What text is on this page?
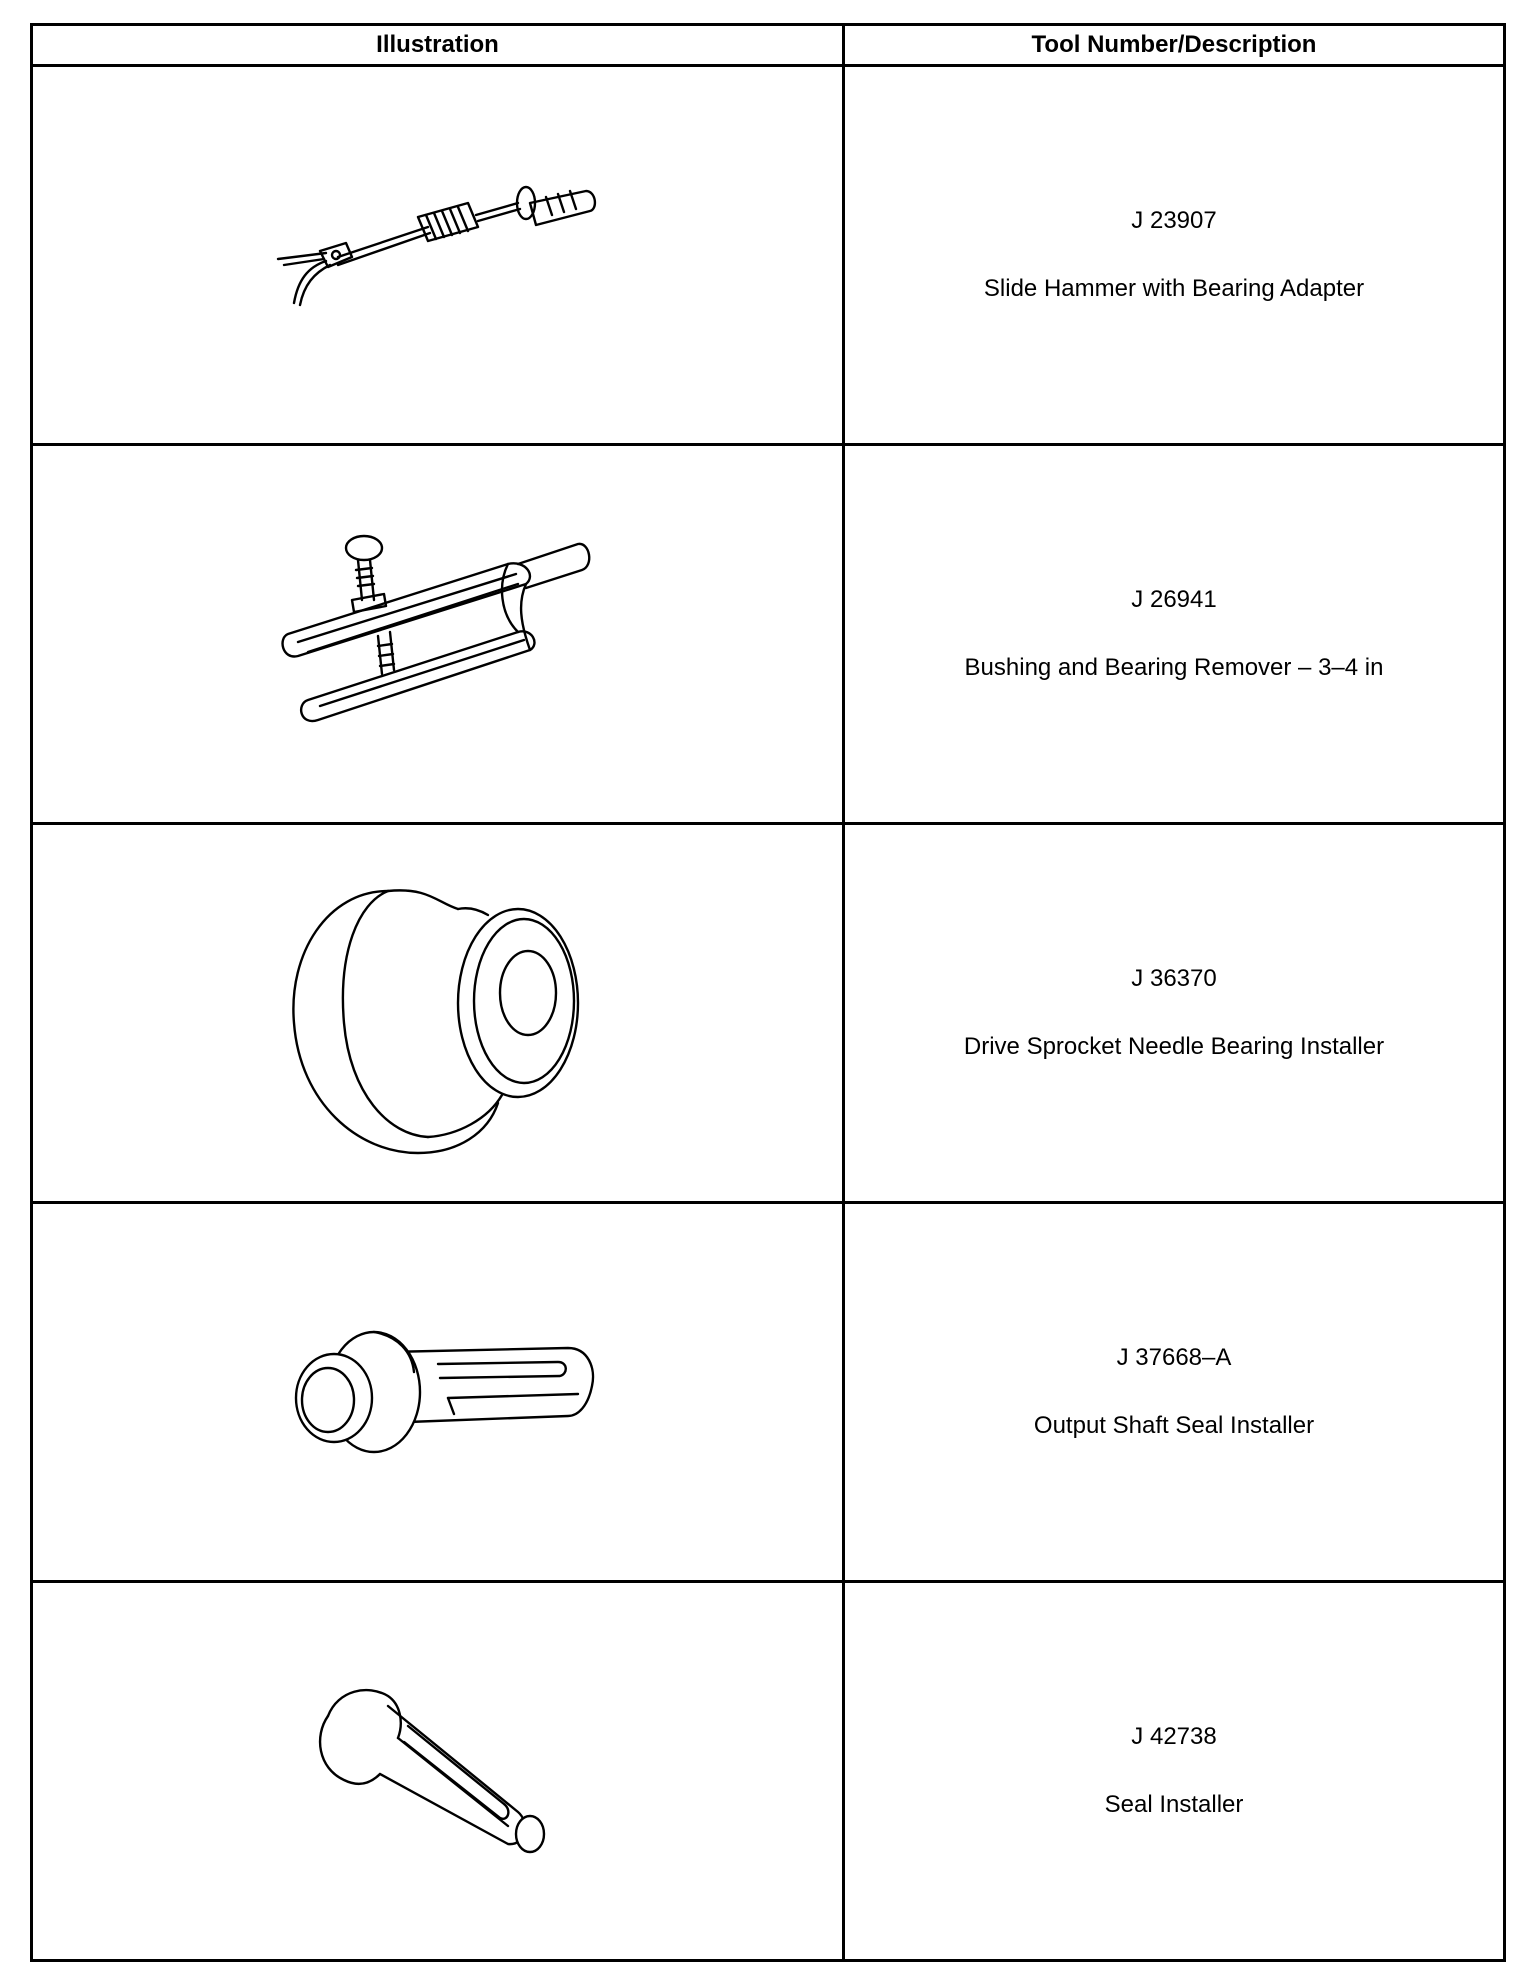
Illustration	Tool Number/Description

J 23907
Slide Hammer with Bearing Adapter

J 26941
Bushing and Bearing Remover – 3–4 in

J 36370
Drive Sprocket Needle Bearing Installer

J 37668–A
Output Shaft Seal Installer

J 42738
Seal Installer
